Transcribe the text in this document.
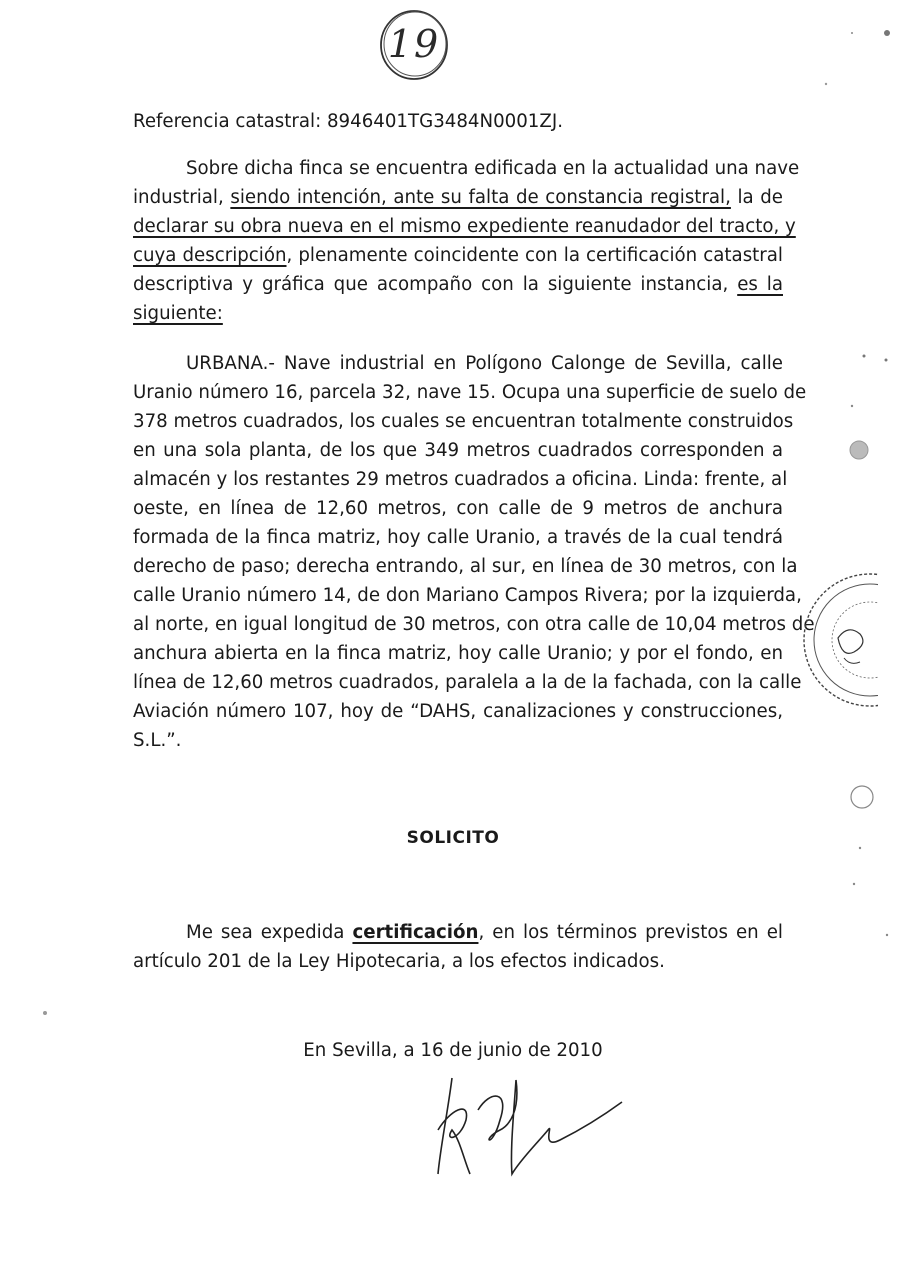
19
Referencia catastral: 8946401TG3484N0001ZJ.
Sobre dicha finca se encuentra edificada en la actualidad una nave
industrial, siendo intención, ante su falta de constancia registral, la de
declarar su obra nueva en el mismo expediente reanudador del tracto, y
cuya descripción, plenamente coincidente con la certificación catastral
descriptiva y gráfica que acompaño con la siguiente instancia, es la
siguiente:
URBANA.- Nave industrial en Polígono Calonge de Sevilla, calle
Uranio número 16, parcela 32, nave 15. Ocupa una superficie de suelo de
378 metros cuadrados, los cuales se encuentran totalmente construidos
en una sola planta, de los que 349 metros cuadrados corresponden a
almacén y los restantes 29 metros cuadrados a oficina. Linda: frente, al
oeste, en línea de 12,60 metros, con calle de 9 metros de anchura
formada de la finca matriz, hoy calle Uranio, a través de la cual tendrá
derecho de paso; derecha entrando, al sur, en línea de 30 metros, con la
calle Uranio número 14, de don Mariano Campos Rivera; por la izquierda,
al norte, en igual longitud de 30 metros, con otra calle de 10,04 metros de
anchura abierta en la finca matriz, hoy calle Uranio; y por el fondo, en
línea de 12,60 metros cuadrados, paralela a la de la fachada, con la calle
Aviación número 107, hoy de “DAHS, canalizaciones y construcciones,
S.L.”.
SOLICITO
Me sea expedida certificación, en los términos previstos en el
artículo 201 de la Ley Hipotecaria, a los efectos indicados.
En Sevilla, a 16 de junio de 2010
